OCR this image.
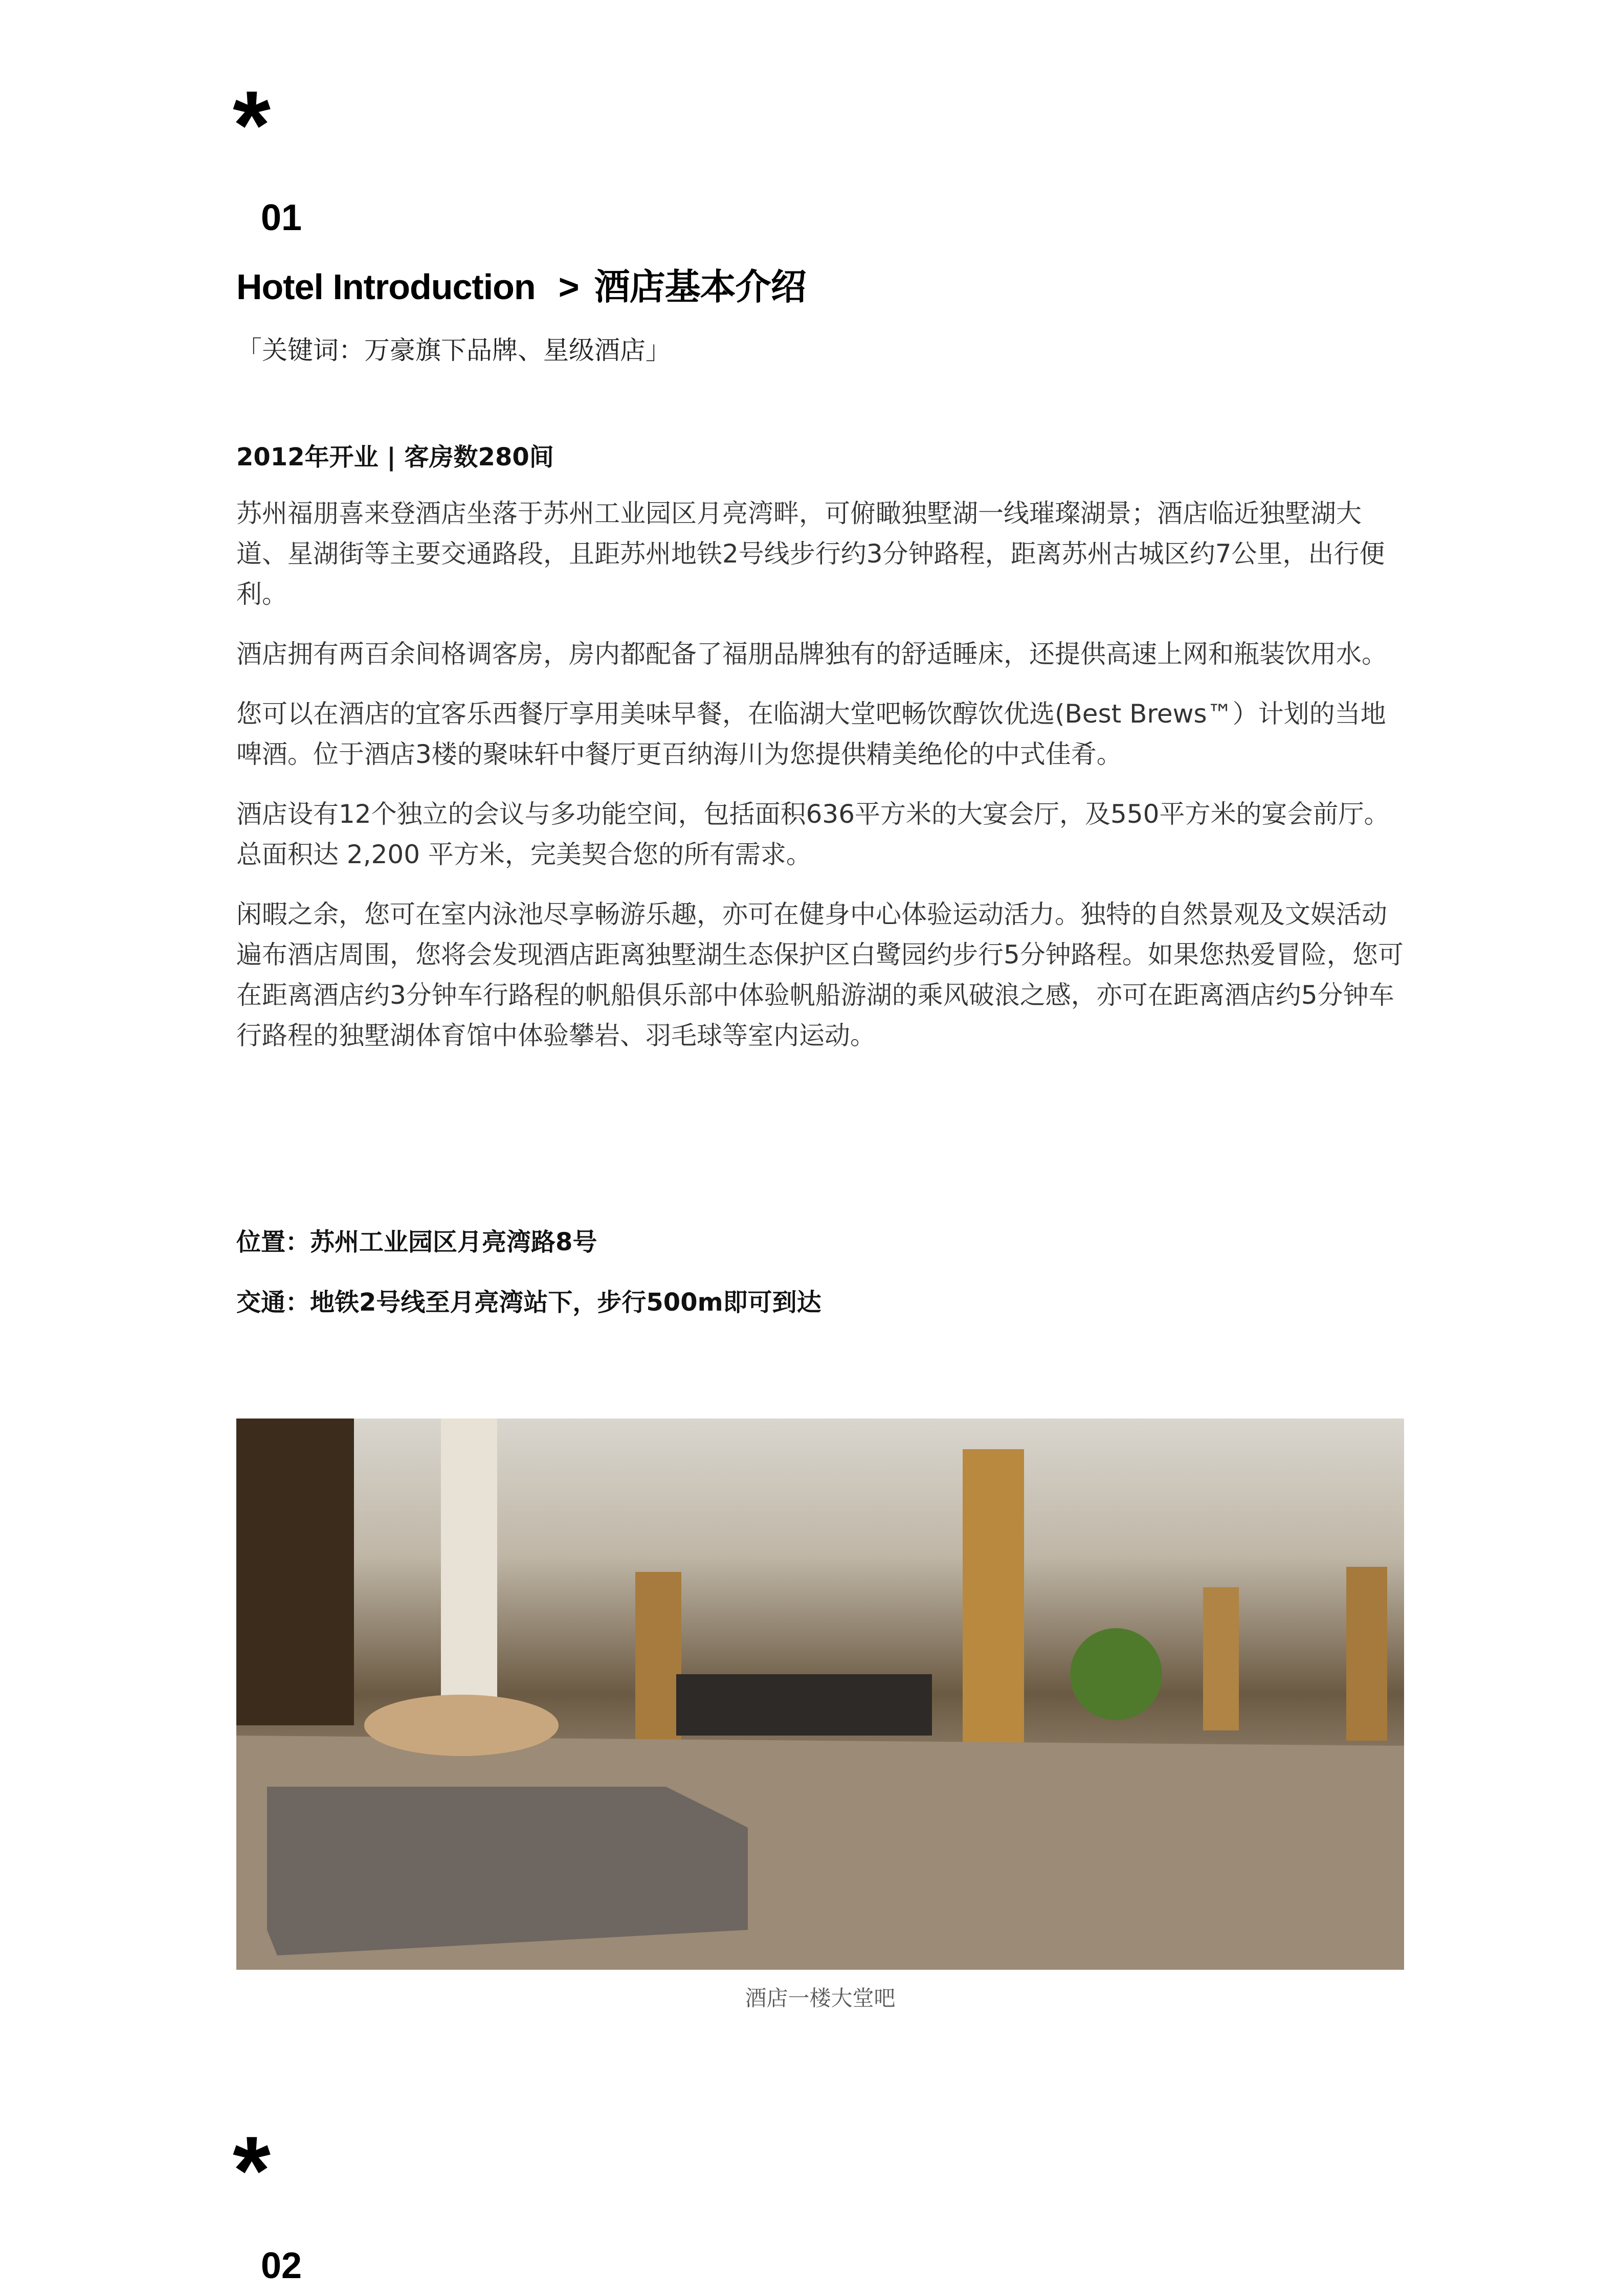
*
01
Hotel Introduction > 酒店基本介绍
「关键词：万豪旗下品牌、星级酒店」
2012年开业 | 客房数280间

苏州福朋喜来登酒店坐落于苏州工业园区月亮湾畔，可俯瞰独墅湖一线璀璨湖景；酒店临近独墅湖大道、星湖街等主要交通路段，且距苏州地铁2号线步行约3分钟路程，距离苏州古城区约7公里，出行便利。

酒店拥有两百余间格调客房，房内都配备了福朋品牌独有的舒适睡床，还提供高速上网和瓶装饮用水。

您可以在酒店的宜客乐西餐厅享用美味早餐，在临湖大堂吧畅饮醇饮优选(Best Brews™）计划的当地啤酒。位于酒店3楼的聚味轩中餐厅更百纳海川为您提供精美绝伦的中式佳肴。

酒店设有12个独立的会议与多功能空间，包括面积636平方米的大宴会厅，及550平方米的宴会前厅。总面积达 2,200 平方米，完美契合您的所有需求。

闲暇之余，您可在室内泳池尽享畅游乐趣，亦可在健身中心体验运动活力。独特的自然景观及文娱活动遍布酒店周围，您将会发现酒店距离独墅湖生态保护区白鹭园约步行5分钟路程。如果您热爱冒险，您可在距离酒店约3分钟车行路程的帆船俱乐部中体验帆船游湖的乘风破浪之感，亦可在距离酒店约5分钟车行路程的独墅湖体育馆中体验攀岩、羽毛球等室内运动。

位置：苏州工业园区月亮湾路8号
交通：地铁2号线至月亮湾站下，步行500m即可到达
酒店一楼大堂吧
*
02
